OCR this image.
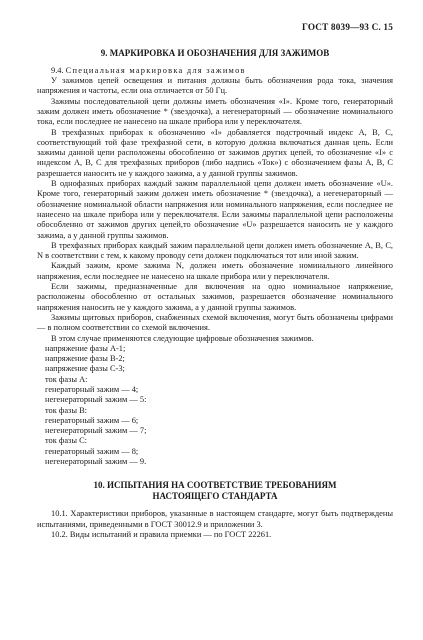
ГОСТ 8039—93 С. 15
9. МАРКИРОВКА И ОБОЗНАЧЕНИЯ ДЛЯ ЗАЖИМОВ

9.4. Специальная маркировка для зажимов

У зажимов цепей освещения и питания должны быть обозначения рода тока, значения напряжения и частоты, если она отличается от 50 Гц.

Зажимы последовательной цепи должны иметь обозначения «I». Кроме того, генераторный зажим должен иметь обозначение * (звездочка), а негенераторный — обозначение номинального тока, если последнее не нанесено на шкале прибора или у переключателя.

В трехфазных приборах к обозначению «I» добавляется подстрочный индекс А, В, С, соответствующий той фазе трехфазной сети, в которую должна включаться данная цепь. Если зажимы данной цепи расположены обособленно от зажимов других цепей, то обозначение «I» с индексом А, В, С для трехфазных приборов (либо надпись «Ток») с обозначением фазы А, В, С разрешается наносить не у каждого зажима, а у данной группы зажимов.

В однофазных приборах каждый зажим параллельной цепи должен иметь обозначение «U». Кроме того, генераторный зажим должен иметь обозначение * (звездочка), а негенераторный — обозначение номинальной области напряжения или номинального напряжения, если последнее не нанесено на шкале прибора или у переключателя. Если зажимы параллельной цепи расположены обособленно от зажимов других цепей,то обозначение «U» разрешается наносить не у каждого зажима, а у данной группы зажимов.

В трехфазных приборах каждый зажим параллельной цепи должен иметь обозначение А, В, С, N в соответствии с тем, к какому проводу сети должен подключаться тот или иной зажим.

Каждый зажим, кроме зажима N, должен иметь обозначение номинального линейного напряжения, если последнее не нанесено на шкале прибора или у переключателя.

Если зажимы, предназначенные для включения на одно номинальное напряжение, расположены обособленно от остальных зажимов, разрешается обозначение номинального напряжения наносить не у каждого зажима, а у данной группы зажимов.

Зажимы щитовых приборов, снабженных схемой включения, могут быть обозначены цифрами — в полном соответствии со схемой включения.

В этом случае применяются следующие цифровые обозначения зажимов.

напряжение фазы А-1;
напряжение фазы В-2;
напряжение фазы С-3;
ток фазы А:
генераторный зажим — 4;
негенераторный зажим — 5:
ток фазы В:
генераторный зажим — 6;
негенераторный зажим — 7;
ток фазы С:
генераторный зажим — 8;
негенераторный зажим — 9.
10. ИСПЫТАНИЯ НА СООТВЕТСТВИЕ ТРЕБОВАНИЯМ
НАСТОЯЩЕГО СТАНДАРТА

10.1. Характеристики приборов, указанные в настоящем стандарте, могут быть подтверждены испытаниями, приведенными в ГОСТ 30012.9 и приложении 3.

10.2. Виды испытаний и правила приемки — по ГОСТ 22261.
